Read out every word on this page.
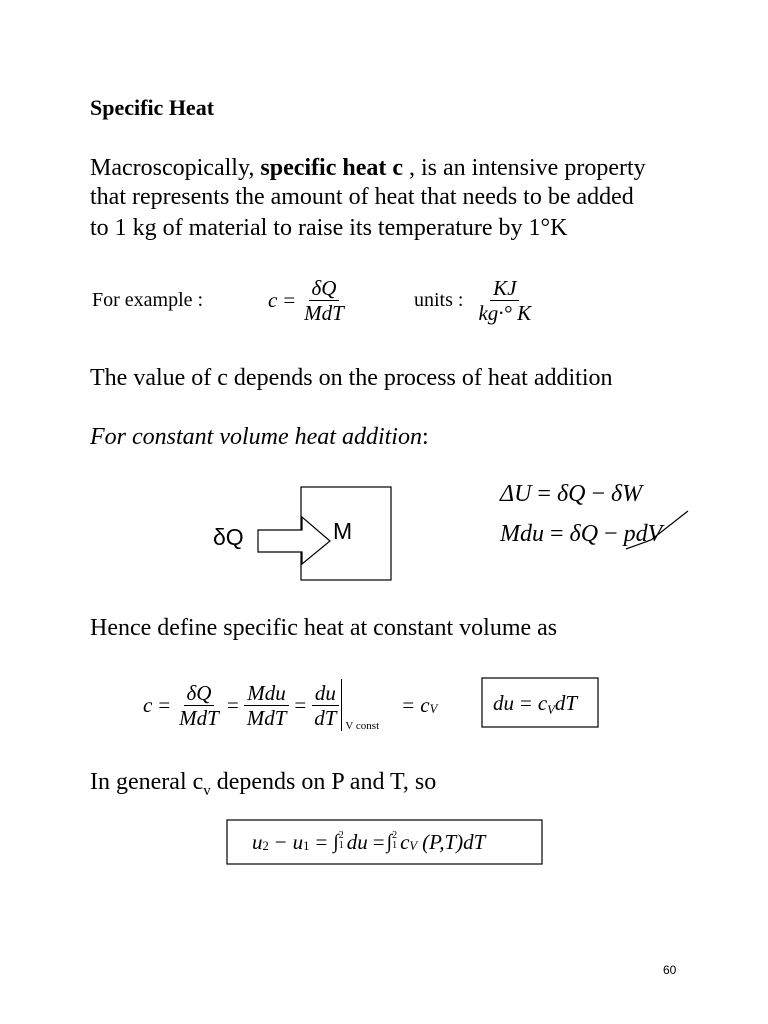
Specific Heat
Macroscopically, specific heat c , is an intensive property
that represents the amount of heat that needs to be added
to 1 kg of material to raise its temperature by 1°K
For example :	$c = \frac{\delta Q}{\text{MdT}}$	units : $\frac{KJ}{kg\cdot^\circ K}$
The value of c depends on the process of heat addition
For constant volume heat addition:
δQ	M
ΔU = δQ − δW
Mdu = δQ − pdV
Hence define specific heat at constant volume as
$c = \frac{\delta Q}{\text{MdT}} = \frac{\text{Mdu}}{\text{MdT}} = \frac{du}{dT}$ V const
= c V	du = $c_VdT$
In general $c_v$ depends on P and T, so
u 2 − u 1 = ∫ 2
1 du = ∫ 2
1 c V (P,T)dT
60
